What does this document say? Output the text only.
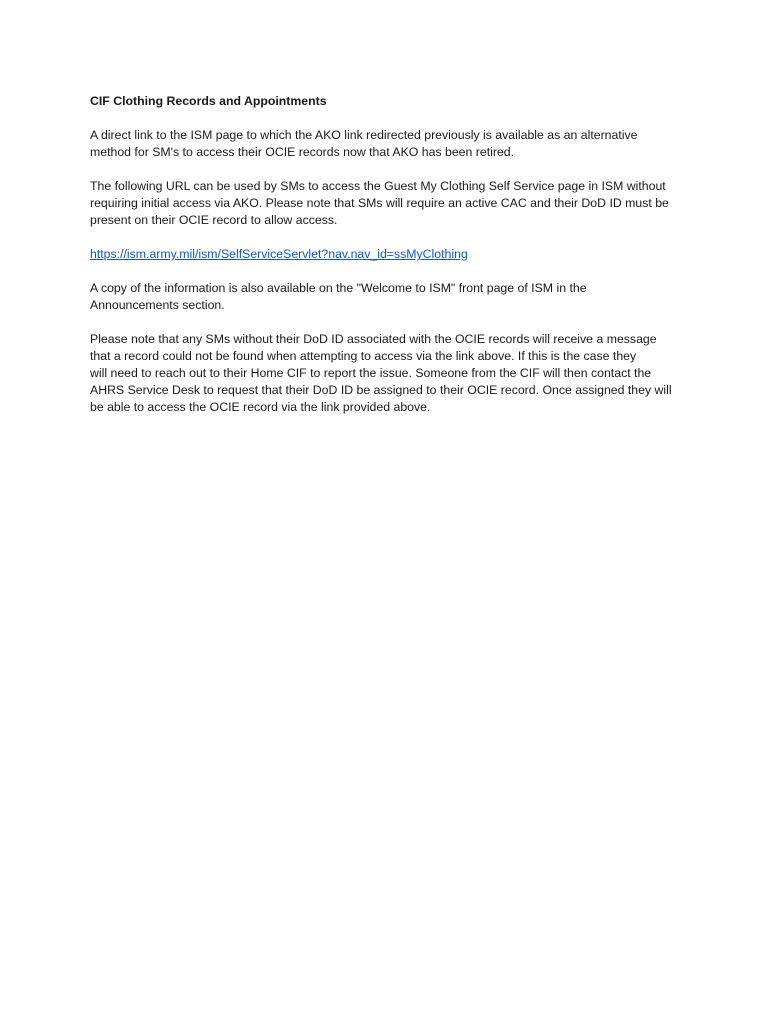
CIF Clothing Records and Appointments
A direct link to the ISM page to which the AKO link redirected previously is available as an alternative
method for SM's to access their OCIE records now that AKO has been retired.
The following URL can be used by SMs to access the Guest My Clothing Self Service page in ISM without
requiring initial access via AKO. Please note that SMs will require an active CAC and their DoD ID must be
present on their OCIE record to allow access.
https://ism.army.mil/ism/SelfServiceServlet?nav.nav_id=ssMyClothing
A copy of the information is also available on the "Welcome to ISM" front page of ISM in the
Announcements section.
Please note that any SMs without their DoD ID associated with the OCIE records will receive a message
that a record could not be found when attempting to access via the link above. If this is the case they
will need to reach out to their Home CIF to report the issue. Someone from the CIF will then contact the
AHRS Service Desk to request that their DoD ID be assigned to their OCIE record. Once assigned they will
be able to access the OCIE record via the link provided above.
